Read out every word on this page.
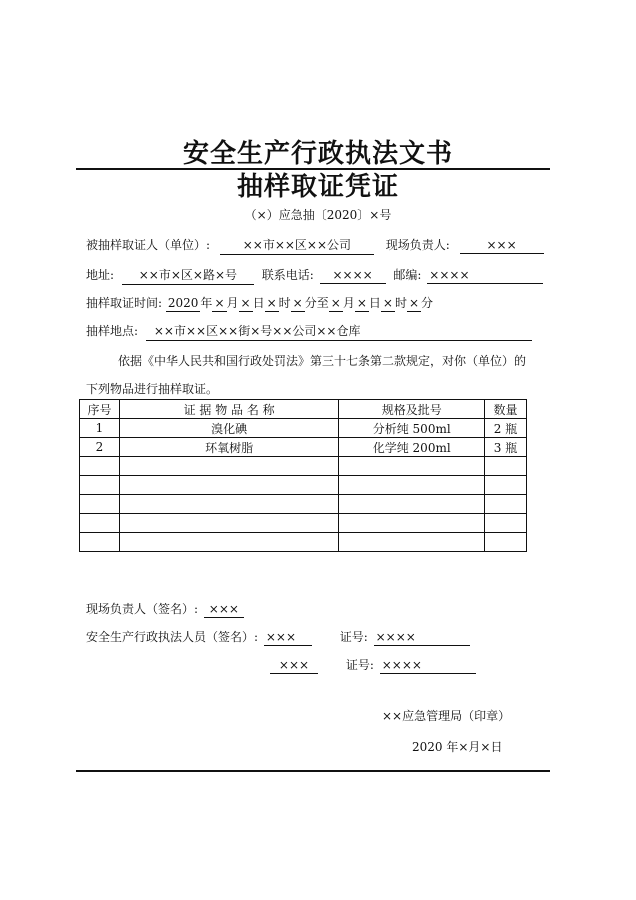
安全生产行政执法文书
抽样取证凭证
（×）应急抽〔2020〕×号
被抽样取证人（单位）:	××市××区××公司	现场负责人:	×××
地址: ××市×区×路×号 联系电话: ×××× 邮编: ××××
抽样取证时间: 2020 年 × 月 × 日 × 时 × 分至 × 月 × 日 × 时 × 分
抽样地点: ××市××区××街×号××公司××仓库
依据《中华人民共和国行政处罚法》第三十七条第二款规定，对你（单位）的
下列物品进行抽样取证。
序号	证 据 物 品 名 称	规格及批号	数量
1	溴化碘	分析纯 500ml	2 瓶
2	环氧树脂	化学纯 200ml	3 瓶

现场负责人（签名）: ×××
安全生产行政执法人员（签名）: ×××	证号: ××××
×××	证号: ××××
××应急管理局（印章）
2020 年×月×日
